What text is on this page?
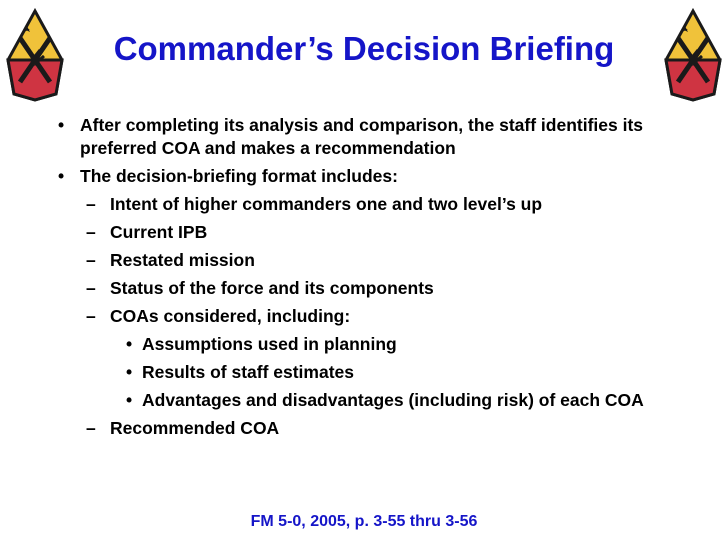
Commander’s Decision Briefing
• After completing its analysis and comparison, the staff identifies its preferred COA and makes a recommendation
• The decision-briefing format includes:
– Intent of higher commanders one and two level’s up
– Current IPB
– Restated mission
– Status of the force and its components
– COAs considered, including:
• Assumptions used in planning
• Results of staff estimates
• Advantages and disadvantages (including risk) of each COA
– Recommended COA
FM 5-0, 2005, p. 3-55 thru 3-56
